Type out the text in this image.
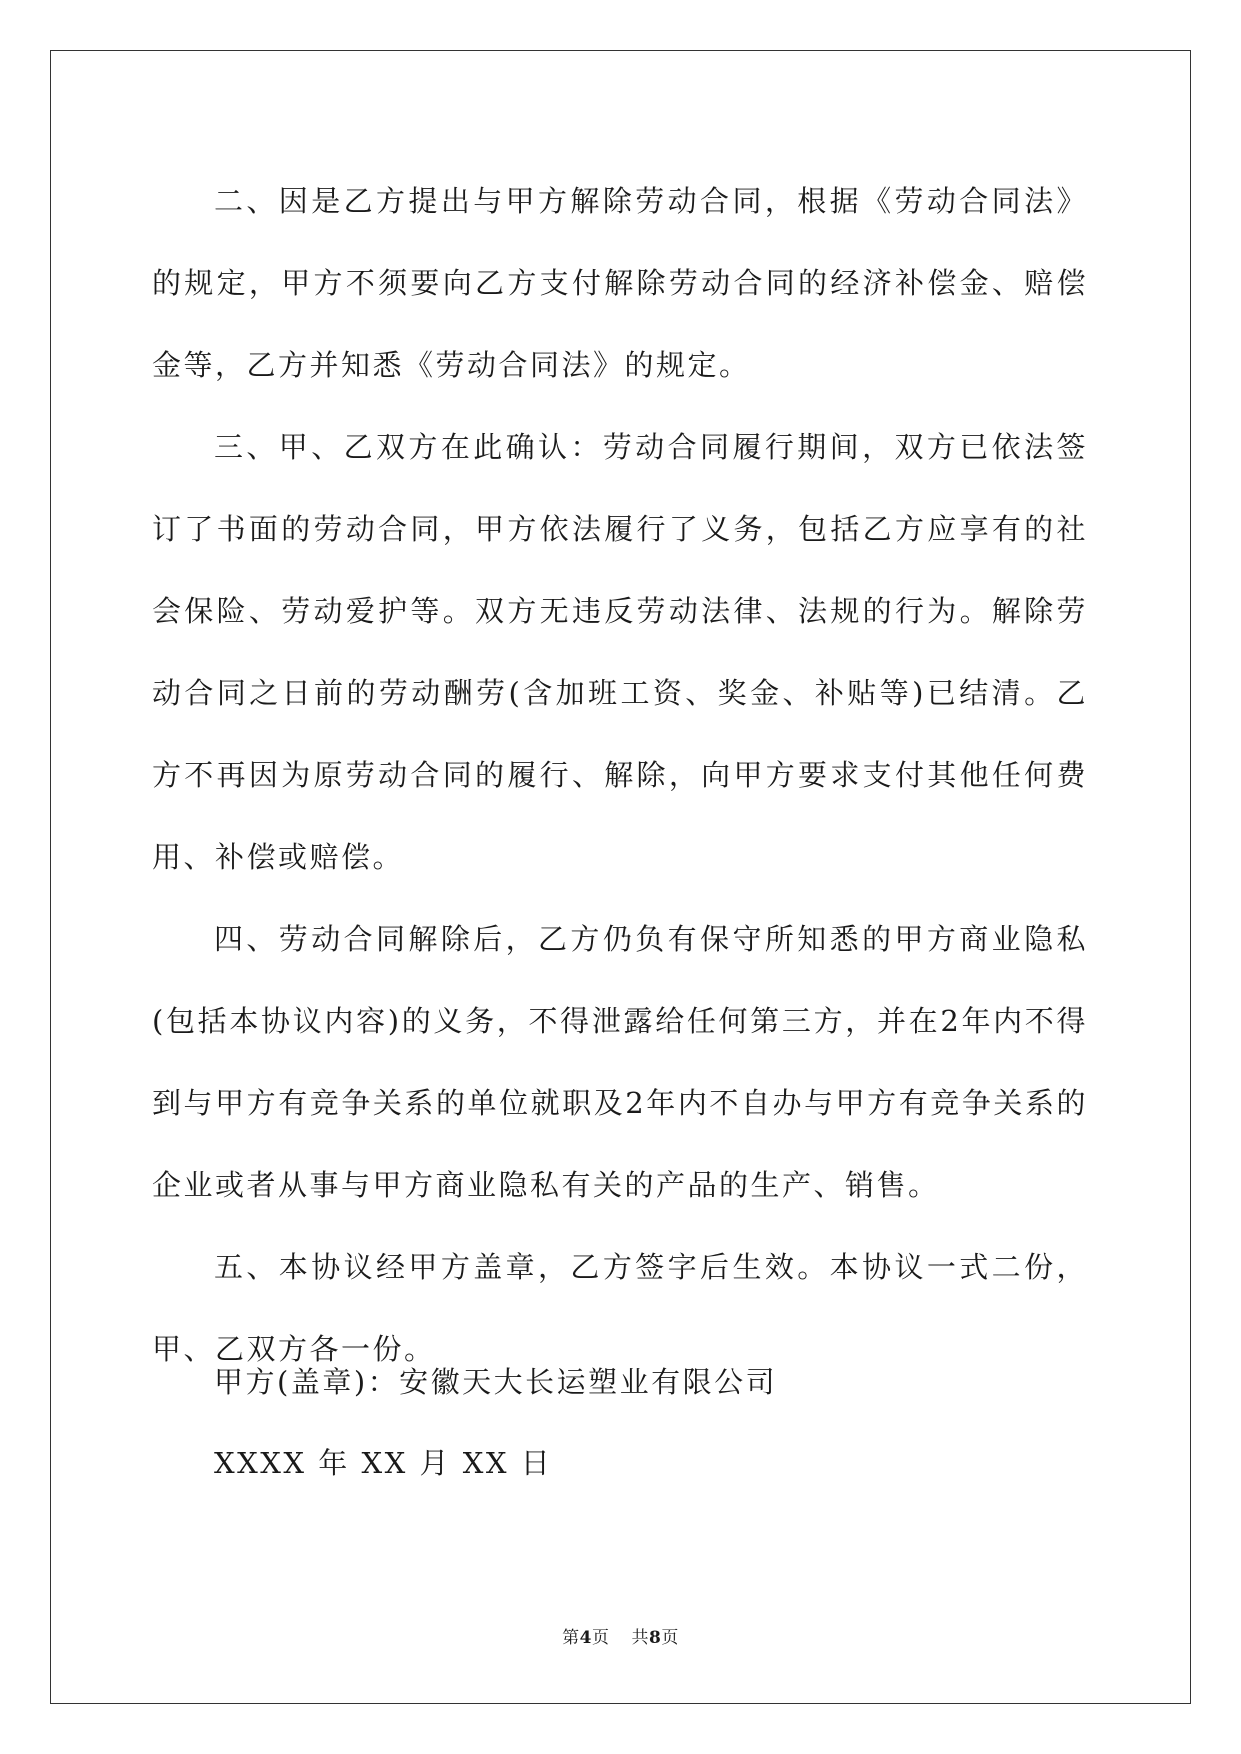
二、因是乙方提出与甲方解除劳动合同，根据《劳动合同法》的规定，甲方不须要向乙方支付解除劳动合同的经济补偿金、赔偿金等，乙方并知悉《劳动合同法》的规定。

三、甲、乙双方在此确认：劳动合同履行期间，双方已依法签订了书面的劳动合同，甲方依法履行了义务，包括乙方应享有的社会保险、劳动爱护等。双方无违反劳动法律、法规的行为。解除劳动合同之日前的劳动酬劳(含加班工资、奖金、补贴等)已结清。乙方不再因为原劳动合同的履行、解除，向甲方要求支付其他任何费用、补偿或赔偿。

四、劳动合同解除后，乙方仍负有保守所知悉的甲方商业隐私(包括本协议内容)的义务，不得泄露给任何第三方，并在2年内不得到与甲方有竞争关系的单位就职及2年内不自办与甲方有竞争关系的企业或者从事与甲方商业隐私有关的产品的生产、销售。

五、本协议经甲方盖章，乙方签字后生效。本协议一式二份，甲、乙双方各一份。

甲方(盖章)：安徽天大长运塑业有限公司
XXXX 年 XX 月 XX 日
第4页 共8页
